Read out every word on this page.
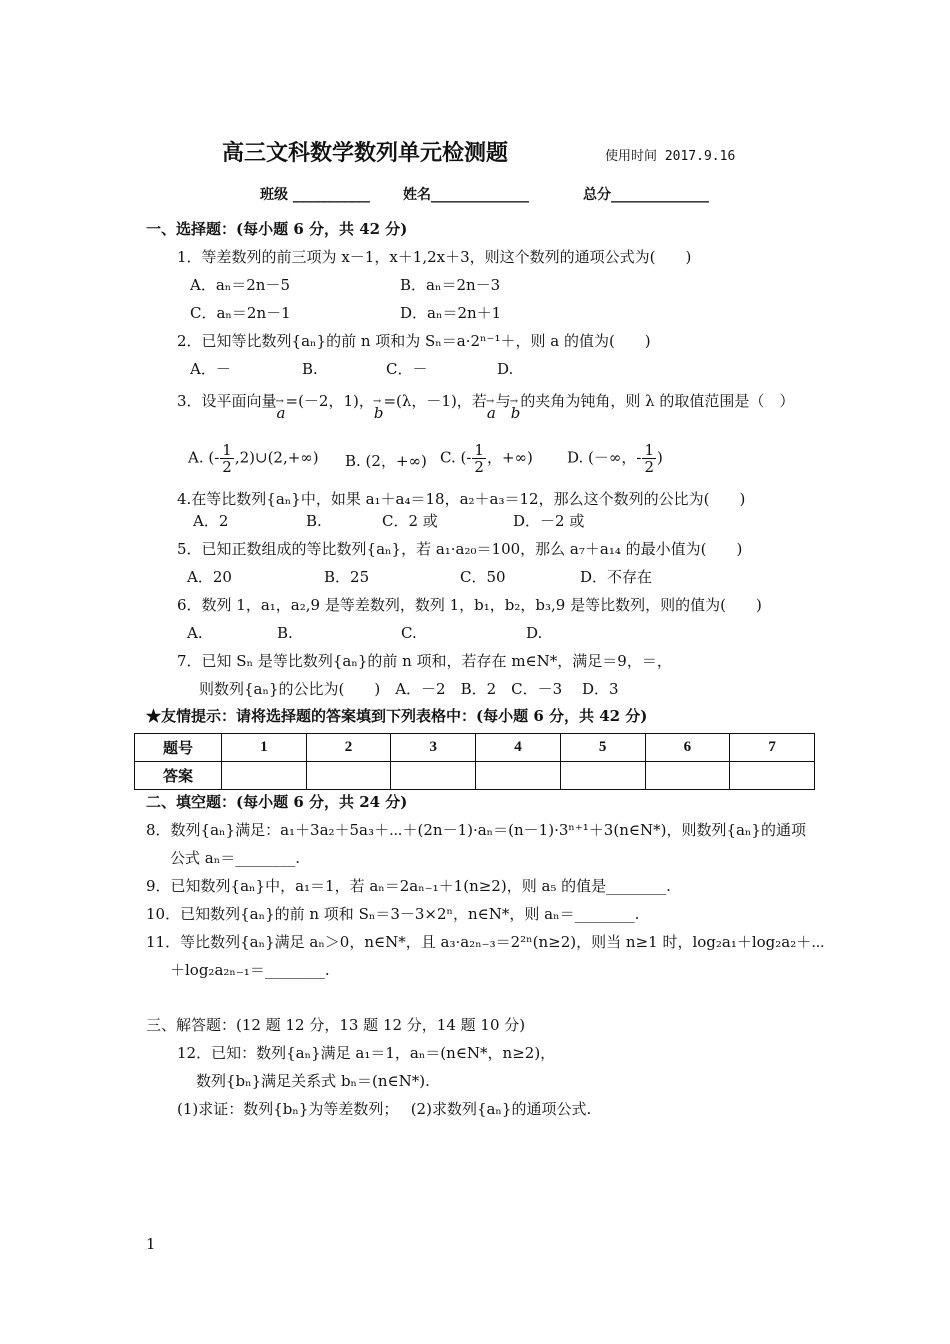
高三文科数学数列单元检测题	使用时间 2017.9.16
班级 ___________ 姓名______________	总分______________
一、选择题：(每小题 6 分，共 42 分)
1．等差数列的前三项为 x－1，x＋1,2x＋3，则这个数列的通项公式为(　　)
A．aₙ＝2n－5	B．aₙ＝2n－3
C．aₙ＝2n－1	D．aₙ＝2n＋1
2．已知等比数列{aₙ}的前 n 项和为 Sₙ＝a·2ⁿ⁻¹＋，则 a 的值为(　　)
A．－	B.	C．－	D.
3．设平面向量→ a=(－2，1)，→ b=(λ，－1)，若→ a与→ b的夹角为钝角，则 λ 的取值范围是（　）
A. (- $\frac{1}{2}$ ,2)∪(2,+∞) B. (2，+∞) C. (- $\frac{1}{2}$ ，+∞) D. (－∞，- $\frac{1}{2}$ )
4.在等比数列{aₙ}中，如果 a₁＋a₄＝18，a₂＋a₃＝12，那么这个数列的公比为(　　)
A．2	B.	C．2 或	D．－2 或
5．已知正数组成的等比数列{aₙ}，若 a₁·a₂₀＝100，那么 a₇＋a₁₄ 的最小值为(　　)
A．20	B．25	C．50	D．不存在
6．数列 1，a₁，a₂,9 是等差数列，数列 1，b₁，b₂，b₃,9 是等比数列，则的值为(　　)
A.	B.	C.	D.
7．已知 Sₙ 是等比数列{aₙ}的前 n 项和，若存在 m∈N*，满足＝9，＝，
则数列{aₙ}的公比为(　　)　A．－2　B．2　C．－3　 D．3
★友情提示：请将选择题的答案填到下列表格中：(每小题 6 分，共 42 分)
题号	1	2	3	4	5	6	7
答案							
二、填空题：(每小题 6 分，共 24 分)
8．数列{aₙ}满足：a₁＋3a₂＋5a₃＋⋯＋(2n－1)·aₙ＝(n－1)·3ⁿ⁺¹＋3(n∈N*)，则数列{aₙ}的通项
公式 aₙ＝________.
9．已知数列{aₙ}中，a₁＝1，若 aₙ＝2aₙ₋₁＋1(n≥2)，则 a₅ 的值是________.
10．已知数列{aₙ}的前 n 项和 Sₙ＝3－3×2ⁿ，n∈N*，则 aₙ＝________.
11．等比数列{aₙ}满足 aₙ＞0，n∈N*，且 a₃·a₂ₙ₋₃＝2²ⁿ(n≥2)，则当 n≥1 时，log₂a₁＋log₂a₂＋⋯
＋log₂a₂ₙ₋₁＝________.
三、解答题：(12 题 12 分，13 题 12 分，14 题 10 分)
12．已知：数列{aₙ}满足 a₁＝1，aₙ＝(n∈N*，n≥2)，
数列{bₙ}满足关系式 bₙ＝(n∈N*).
(1)求证：数列{bₙ}为等差数列；　 (2)求数列{aₙ}的通项公式.
1
